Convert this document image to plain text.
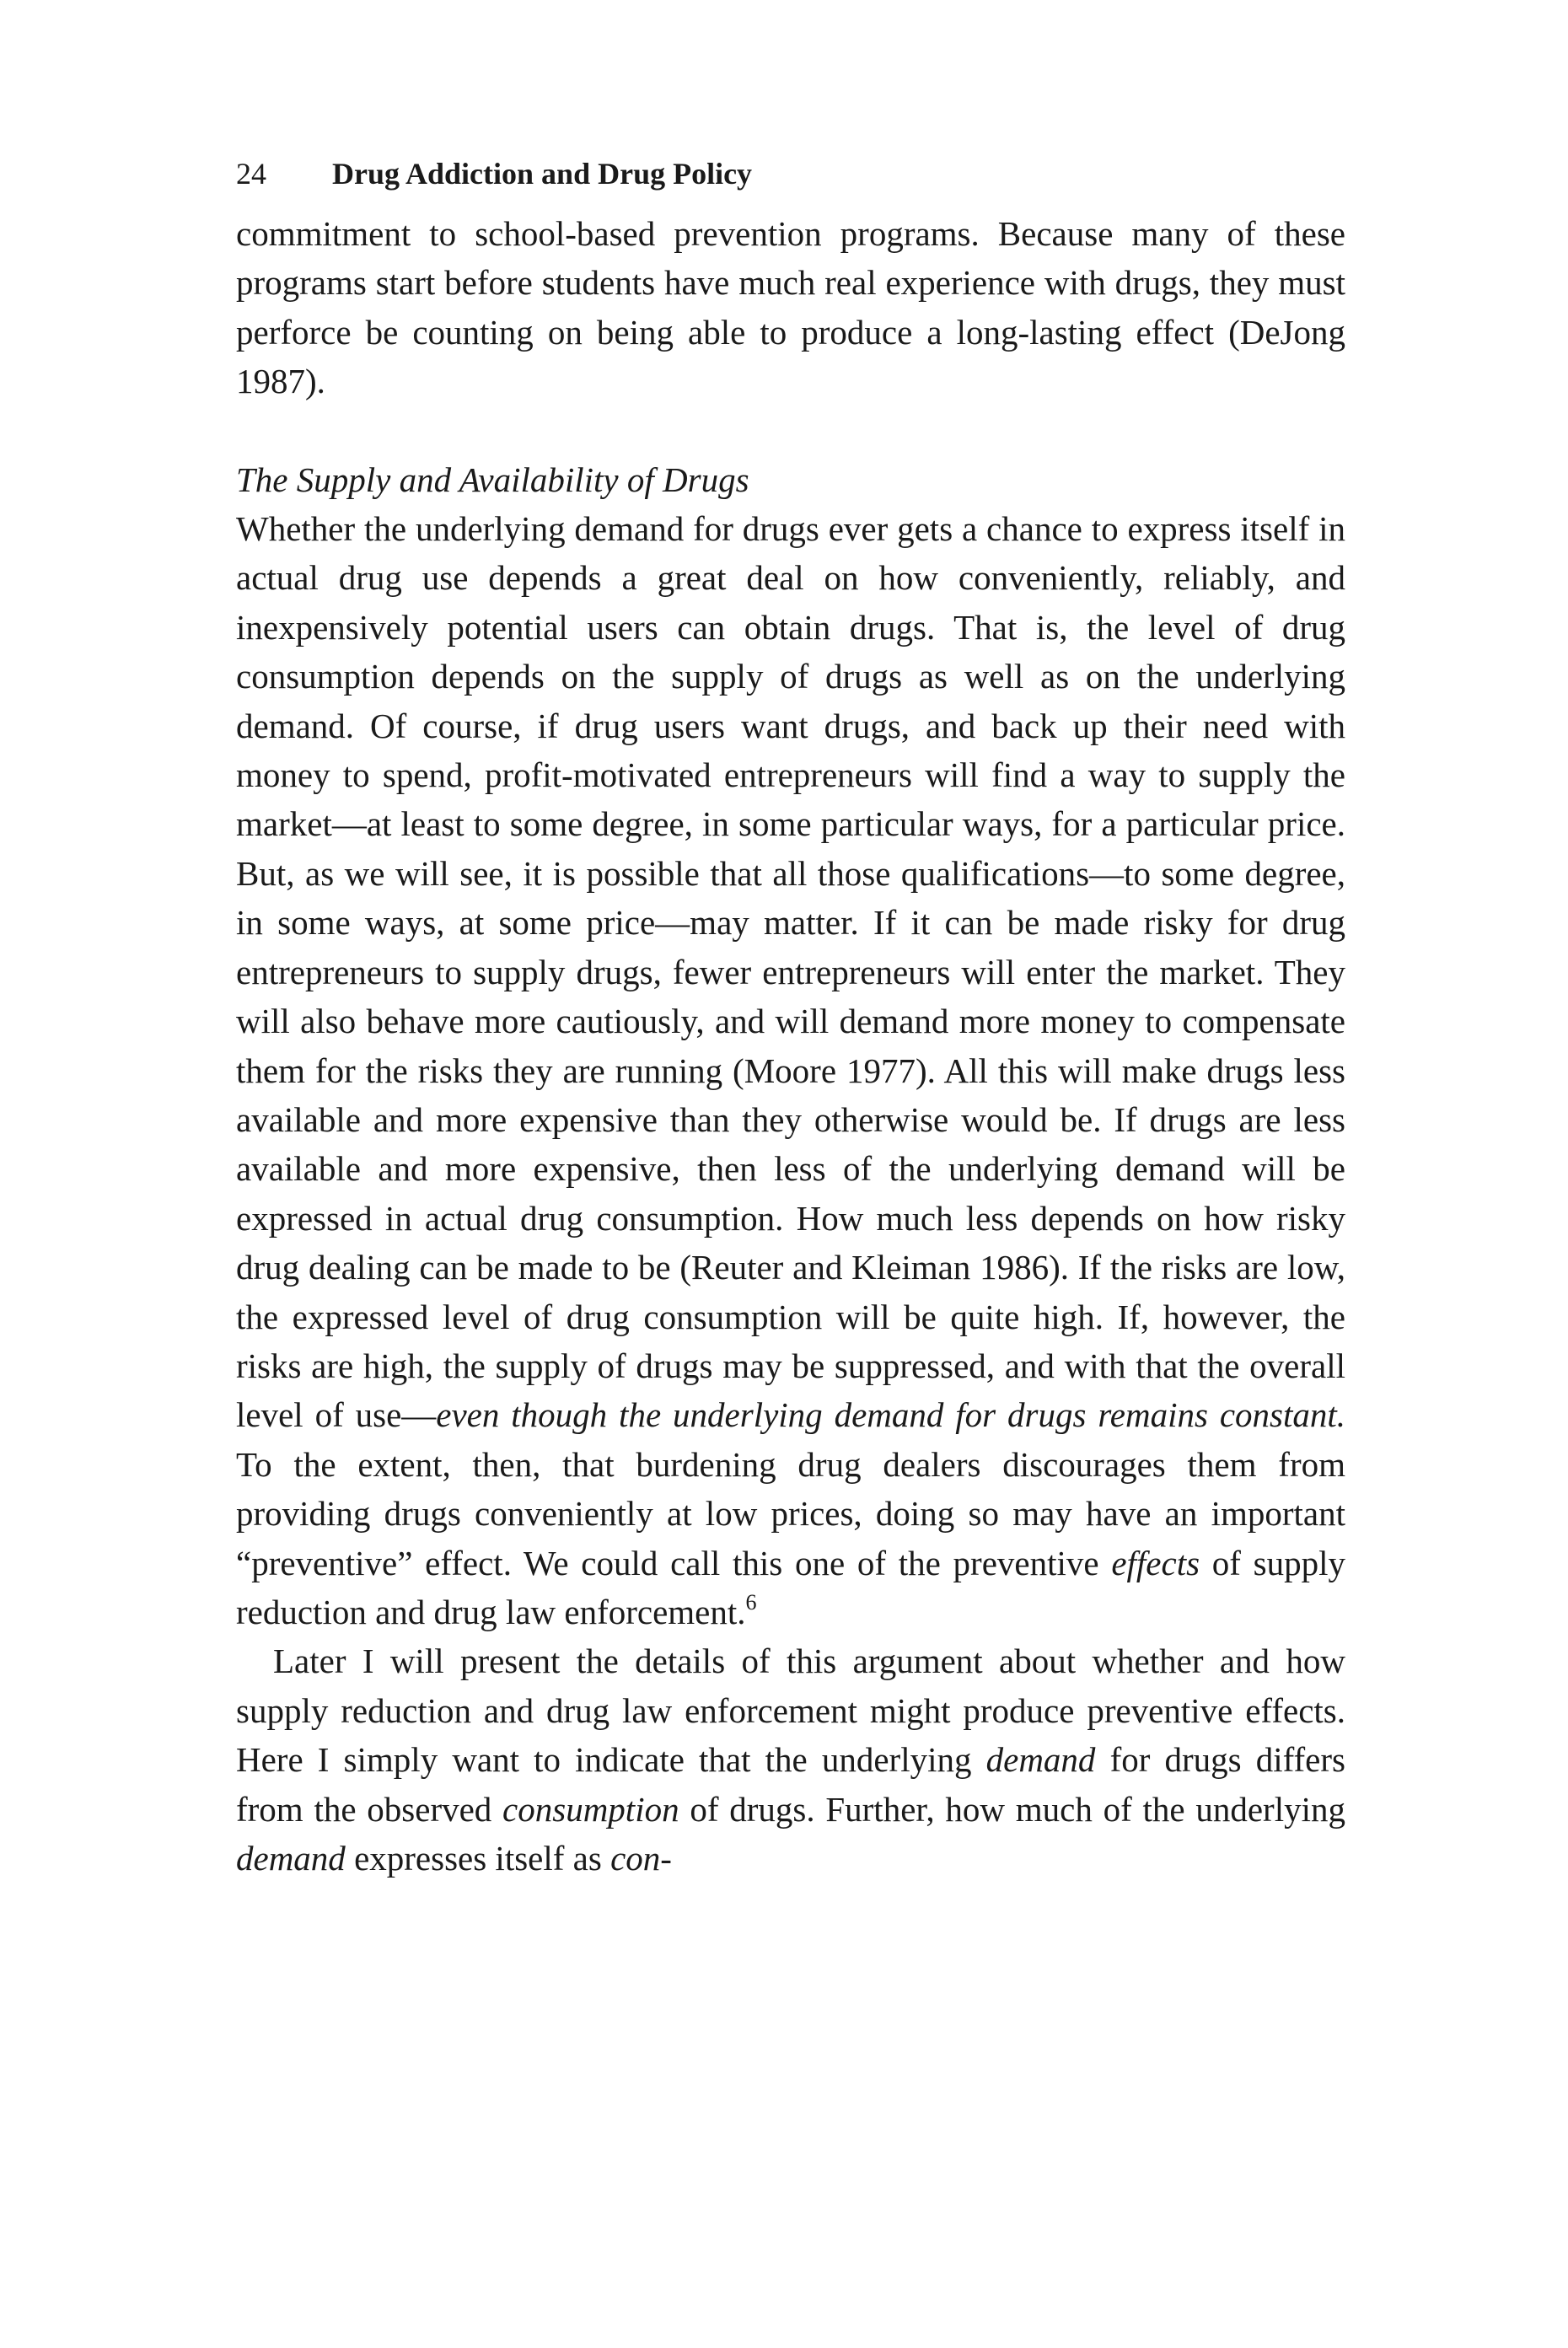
24 Drug Addiction and Drug Policy

commitment to school-based prevention programs. Because many of these programs start before students have much real experience with drugs, they must perforce be counting on being able to produce a long-lasting effect (DeJong 1987).

The Supply and Availability of Drugs

Whether the underlying demand for drugs ever gets a chance to express itself in actual drug use depends a great deal on how conveniently, reliably, and inexpensively potential users can obtain drugs. That is, the level of drug consumption depends on the supply of drugs as well as on the underlying demand. Of course, if drug users want drugs, and back up their need with money to spend, profit-motivated entrepreneurs will find a way to supply the market—at least to some degree, in some particular ways, for a particular price. But, as we will see, it is possible that all those qualifications—to some degree, in some ways, at some price—may matter. If it can be made risky for drug entrepreneurs to supply drugs, fewer entrepreneurs will enter the market. They will also behave more cautiously, and will demand more money to compensate them for the risks they are running (Moore 1977). All this will make drugs less available and more expensive than they otherwise would be. If drugs are less available and more expensive, then less of the underlying demand will be expressed in actual drug consumption. How much less depends on how risky drug dealing can be made to be (Reuter and Kleiman 1986). If the risks are low, the expressed level of drug consumption will be quite high. If, however, the risks are high, the supply of drugs may be suppressed, and with that the overall level of use—even though the underlying demand for drugs remains constant. To the extent, then, that burdening drug dealers discourages them from providing drugs conveniently at low prices, doing so may have an important “preventive” effect. We could call this one of the preventive effects of supply reduction and drug law enforcement.$^6$

Later I will present the details of this argument about whether and how supply reduction and drug law enforcement might produce preventive effects. Here I simply want to indicate that the underlying demand for drugs differs from the observed consumption of drugs. Further, how much of the underlying demand expresses itself as con-
